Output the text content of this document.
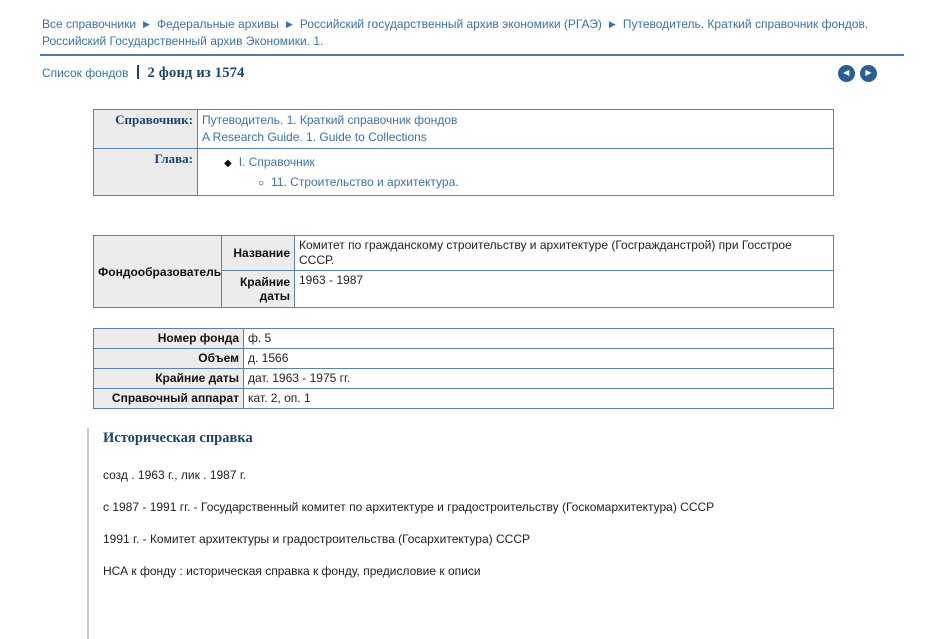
Все справочники ▶ Федеральные архивы ▶ Российский государственный архив экономики (РГАЭ) ▶ Путеводитель. Краткий справочник фондов. Российский Государственный архив Экономики. 1.
Список фондов 2 фонд из 1574	◀ ▶
Справочник:	Путеводитель. 1. Краткий справочник фондов
A Research Guide. 1. Guide to Collections

Глава:	◆ I. Справочник
○ 11. Строительство и архитектура.
Фондообразователь	Название	Комитет по гражданскому строительству и архитектуре (Госгражданстрой) при Госстрое СССР.
	Крайние даты	1963 - 1987
Номер фонда	ф. 5
Объем	д. 1566
Крайние даты	дат. 1963 - 1975 гг.
Справочный аппарат	кат. 2, оп. 1
Историческая справка

созд . 1963 г., лик . 1987 г.

с 1987 - 1991 гг. - Государственный комитет по архитектуре и градостроительству (Госкомархитектура) СССР

1991 г. - Комитет архитектуры и градостроительства (Госархитектура) СССР

НСА к фонду : историческая справка к фонду, предисловие к описи
